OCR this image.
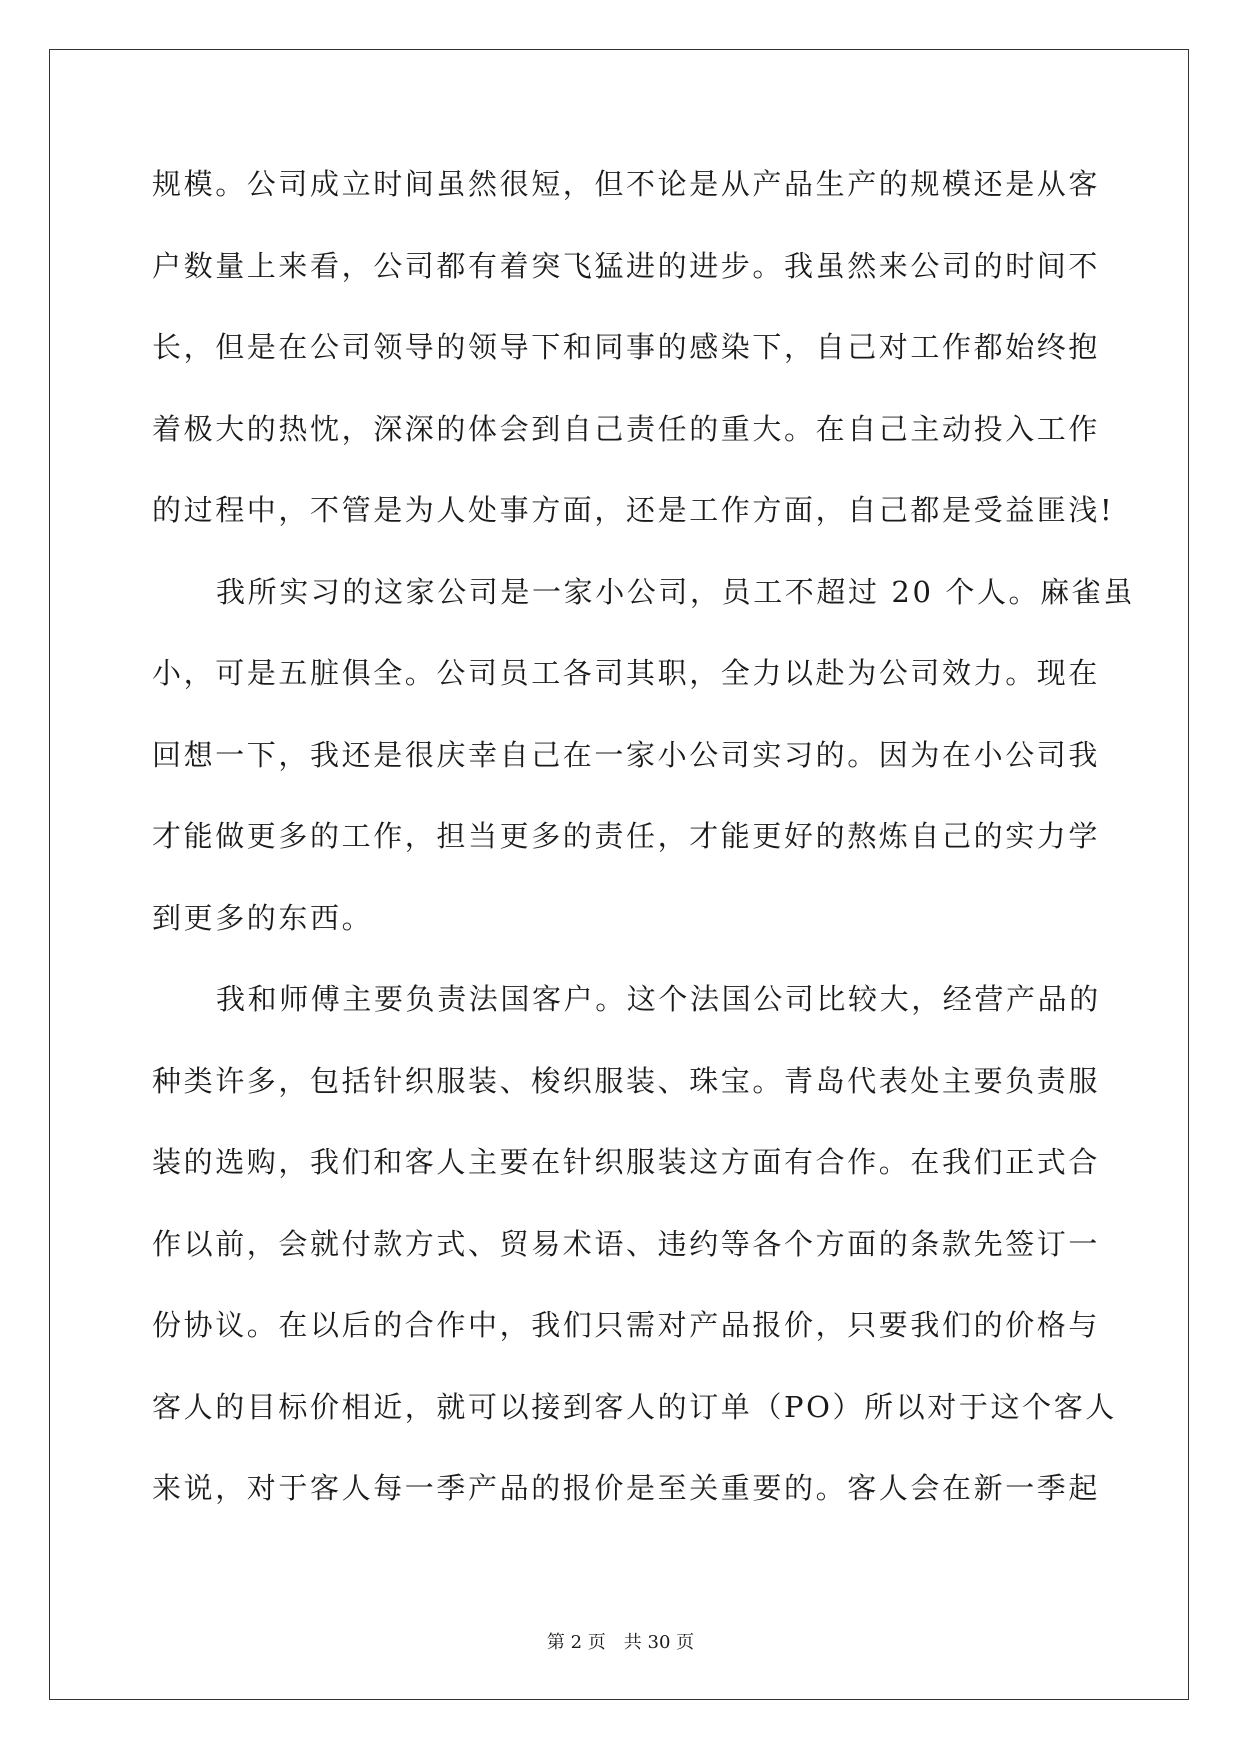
规模。公司成立时间虽然很短，但不论是从产品生产的规模还是从客
户数量上来看，公司都有着突飞猛进的进步。我虽然来公司的时间不
长，但是在公司领导的领导下和同事的感染下，自己对工作都始终抱
着极大的热忱，深深的体会到自己责任的重大。在自己主动投入工作
的过程中，不管是为人处事方面，还是工作方面，自己都是受益匪浅!
我所实习的这家公司是一家小公司，员工不超过 20 个人。麻雀虽
小，可是五脏俱全。公司员工各司其职，全力以赴为公司效力。现在
回想一下，我还是很庆幸自己在一家小公司实习的。因为在小公司我
才能做更多的工作，担当更多的责任，才能更好的熬炼自己的实力学
到更多的东西。
我和师傅主要负责法国客户。这个法国公司比较大，经营产品的
种类许多，包括针织服装、梭织服装、珠宝。青岛代表处主要负责服
装的选购，我们和客人主要在针织服装这方面有合作。在我们正式合
作以前，会就付款方式、贸易术语、违约等各个方面的条款先签订一
份协议。在以后的合作中，我们只需对产品报价，只要我们的价格与
客人的目标价相近，就可以接到客人的订单（PO）所以对于这个客人
来说，对于客人每一季产品的报价是至关重要的。客人会在新一季起
第 2 页 共 30 页
